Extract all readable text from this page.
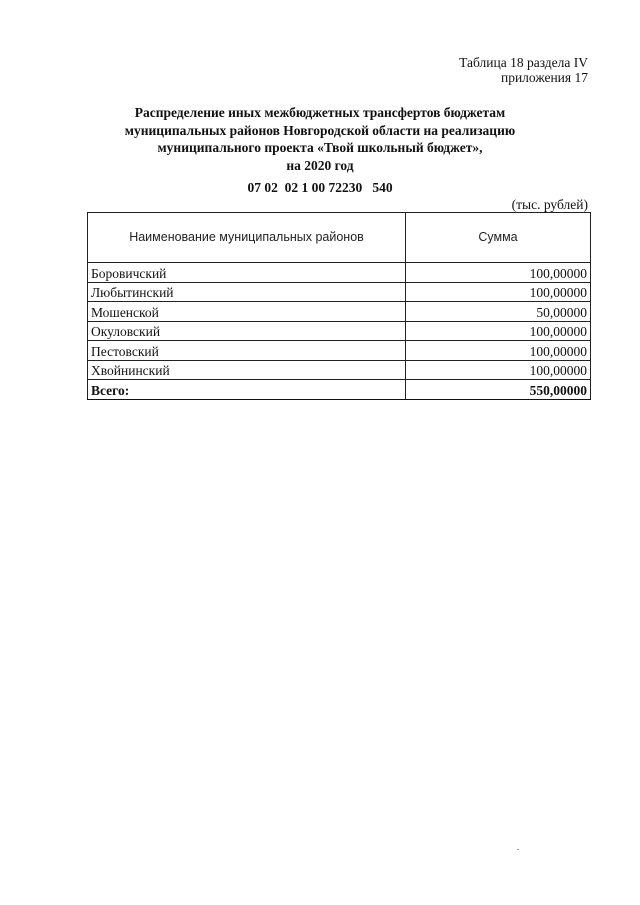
Таблица 18 раздела IV
приложения 17
Распределение иных межбюджетных трансфертов бюджетам
муниципальных районов Новгородской области на реализацию
муниципального проекта «Твой школьный бюджет»,
на 2020 год
07 02  02 1 00 72230   540
(тыс. рублей)
Наименование муниципальных районов	Сумма
Боровичский	100,00000
Любытинский	100,00000
Мошенской	50,00000
Окуловский	100,00000
Пестовский	100,00000
Хвойнинский	100,00000
Всего:	550,00000
